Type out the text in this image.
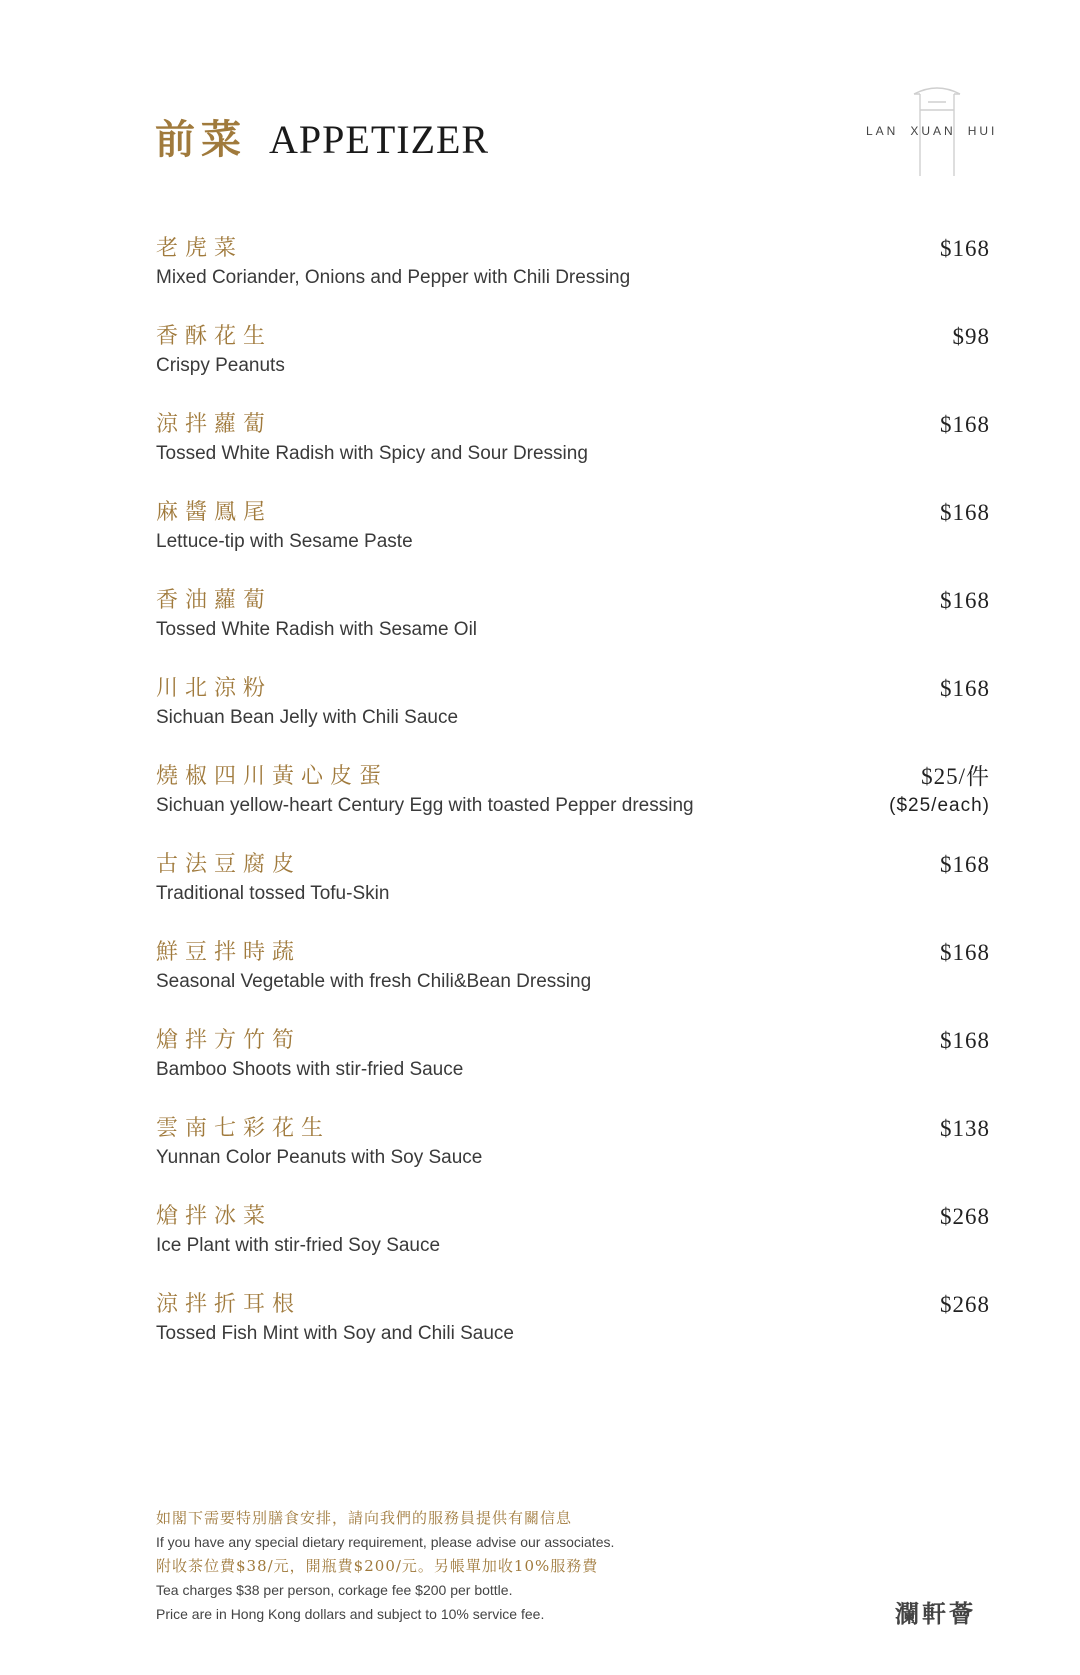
前菜 APPETIZER	LAN XUAN HUI
老虎菜
Mixed Coriander, Onions and Pepper with Chili Dressing
$168
香酥花生
Crispy Peanuts
$98
涼拌蘿蔔
Tossed White Radish with Spicy and Sour Dressing
$168
麻醬鳳尾
Lettuce-tip with Sesame Paste
$168
香油蘿蔔
Tossed White Radish with Sesame Oil
$168
川北涼粉
Sichuan Bean Jelly with Chili Sauce
$168
燒椒四川黃心皮蛋
Sichuan yellow-heart Century Egg with toasted Pepper dressing
$25/件
($25/each)
古法豆腐皮
Traditional tossed Tofu-Skin
$168
鮮豆拌時蔬
Seasonal Vegetable with fresh Chili&Bean Dressing
$168
熗拌方竹筍
Bamboo Shoots with stir-fried Sauce
$168
雲南七彩花生
Yunnan Color Peanuts with Soy Sauce
$138
熗拌冰菜
Ice Plant with stir-fried Soy Sauce
$268
涼拌折耳根
Tossed Fish Mint with Soy and Chili Sauce
$268
如閣下需要特別膳食安排，請向我們的服務員提供有關信息
If you have any special dietary requirement, please advise our associates.
附收茶位費$38/元，開瓶費$200/元。另帳單加收10%服務費
Tea charges $38 per person, corkage fee $200 per bottle.
Price are in Hong Kong dollars and subject to 10% service fee.	瀾軒薈
